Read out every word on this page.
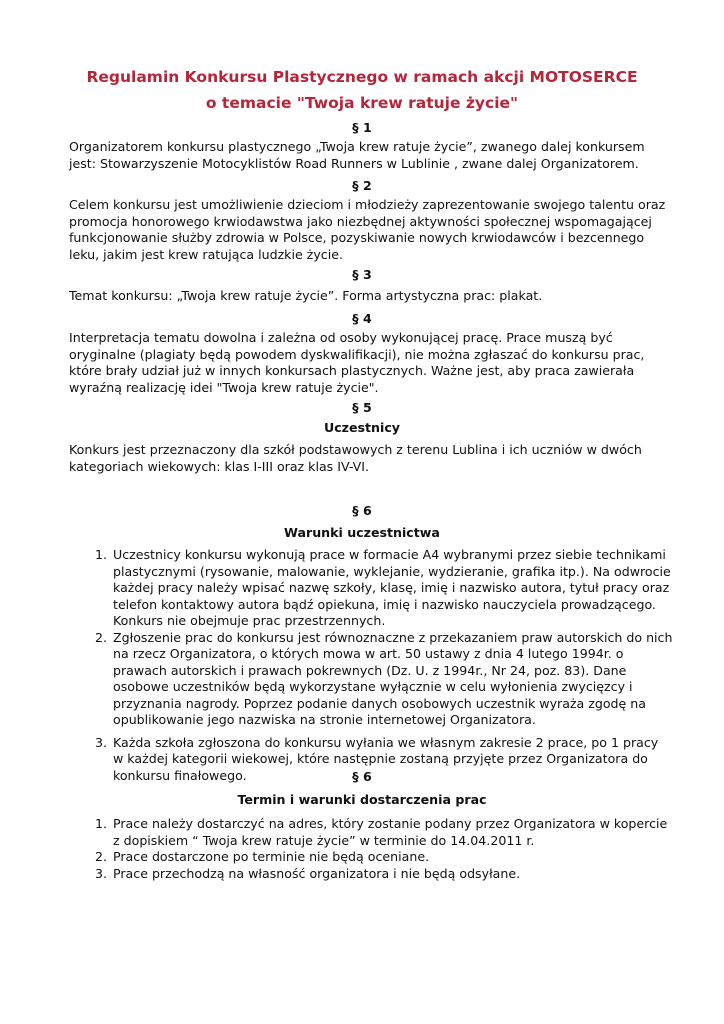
Regulamin Konkursu Plastycznego w ramach akcji MOTOSERCE
o temacie "Twoja krew ratuje życie"
§ 1
Organizatorem konkursu plastycznego „Twoja krew ratuje życie”, zwanego dalej konkursem
jest: Stowarzyszenie Motocyklistów Road Runners w Lublinie , zwane dalej Organizatorem.
§ 2
Celem konkursu jest umożliwienie dzieciom i młodzieży zaprezentowanie swojego talentu oraz
promocja honorowego krwiodawstwa jako niezbędnej aktywności społecznej wspomagającej
funkcjonowanie służby zdrowia w Polsce, pozyskiwanie nowych krwiodawców i bezcennego
leku, jakim jest krew ratująca ludzkie życie.
§ 3
Temat konkursu: „Twoja krew ratuje życie”. Forma artystyczna prac: plakat.
§ 4
Interpretacja tematu dowolna i zależna od osoby wykonującej pracę. Prace muszą być
oryginalne (plagiaty będą powodem dyskwalifikacji), nie można zgłaszać do konkursu prac,
które brały udział już w innych konkursach plastycznych. Ważne jest, aby praca zawierała
wyraźną realizację idei "Twoja krew ratuje życie".
§ 5
Uczestnicy
Konkurs jest przeznaczony dla szkół podstawowych z terenu Lublina i ich uczniów w dwóch
kategoriach wiekowych: klas I-III oraz klas IV-VI.
§ 6
Warunki uczestnictwa
1. Uczestnicy konkursu wykonują prace w formacie A4 wybranymi przez siebie technikami
plastycznymi (rysowanie, malowanie, wyklejanie, wydzieranie, grafika itp.). Na odwrocie
każdej pracy należy wpisać nazwę szkoły, klasę, imię i nazwisko autora, tytuł pracy oraz
telefon kontaktowy autora bądź opiekuna, imię i nazwisko nauczyciela prowadzącego.
Konkurs nie obejmuje prac przestrzennych.
2. Zgłoszenie prac do konkursu jest równoznaczne z przekazaniem praw autorskich do nich
na rzecz Organizatora, o których mowa w art. 50 ustawy z dnia 4 lutego 1994r. o
prawach autorskich i prawach pokrewnych (Dz. U. z 1994r., Nr 24, poz. 83). Dane
osobowe uczestników będą wykorzystane wyłącznie w celu wyłonienia zwycięzcy i
przyznania nagrody. Poprzez podanie danych osobowych uczestnik wyraża zgodę na
opublikowanie jego nazwiska na stronie internetowej Organizatora.
3. Każda szkoła zgłoszona do konkursu wyłania we własnym zakresie 2 prace, po 1 pracy
w każdej kategorii wiekowej, które następnie zostaną przyjęte przez Organizatora do
konkursu finałowego.	§ 6
Termin i warunki dostarczenia prac
1. Prace należy dostarczyć na adres, który zostanie podany przez Organizatora w kopercie
z dopiskiem “ Twoja krew ratuje życie” w terminie do 14.04.2011 r.
2. Prace dostarczone po terminie nie będą oceniane.
3. Prace przechodzą na własność organizatora i nie będą odsyłane.
